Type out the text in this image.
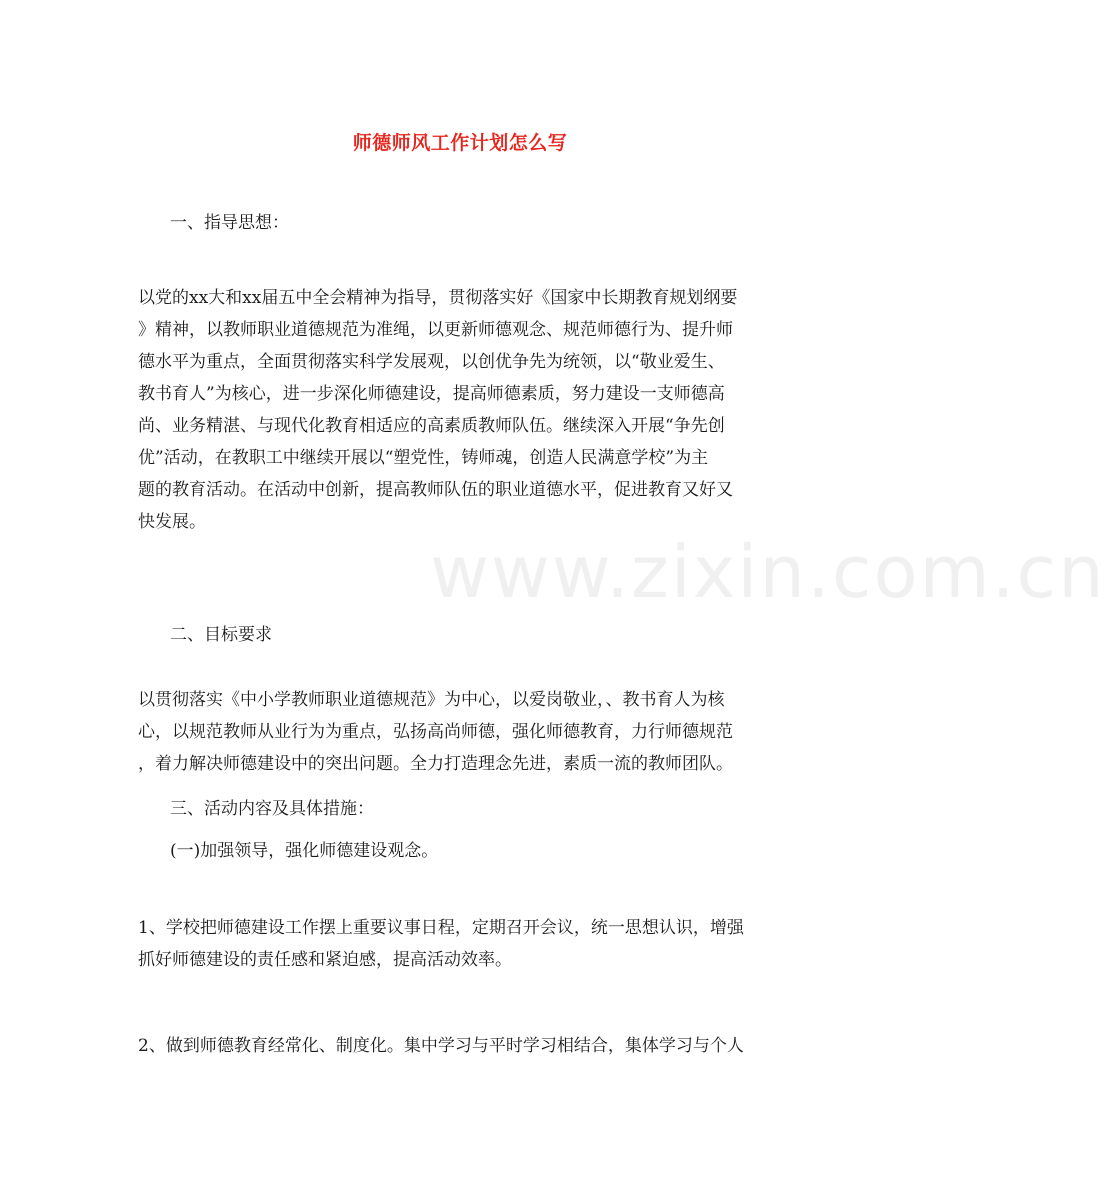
www.zixin.com.cn
师德师风工作计划怎么写
一、指导思想：
以党的xx大和xx届五中全会精神为指导，贯彻落实好《国家中长期教育规划纲要
》精神，以教师职业道德规范为准绳，以更新师德观念、规范师德行为、提升师
德水平为重点，全面贯彻落实科学发展观，以创优争先为统领，以“敬业爱生、
教书育人”为核心，进一步深化师德建设，提高师德素质，努力建设一支师德高
尚、业务精湛、与现代化教育相适应的高素质教师队伍。继续深入开展“争先创
优”活动，在教职工中继续开展以“塑党性，铸师魂，创造人民满意学校”为主
题的教育活动。在活动中创新，提高教师队伍的职业道德水平，促进教育又好又
快发展。
二、目标要求
以贯彻落实《中小学教师职业道德规范》为中心，以爱岗敬业，、教书育人为核
心，以规范教师从业行为为重点，弘扬高尚师德，强化师德教育，力行师德规范
，着力解决师德建设中的突出问题。全力打造理念先进，素质一流的教师团队。
三、活动内容及具体措施：
(一)加强领导，强化师德建设观念。
1、学校把师德建设工作摆上重要议事日程，定期召开会议，统一思想认识，增强
抓好师德建设的责任感和紧迫感，提高活动效率。
2、做到师德教育经常化、制度化。集中学习与平时学习相结合，集体学习与个人
